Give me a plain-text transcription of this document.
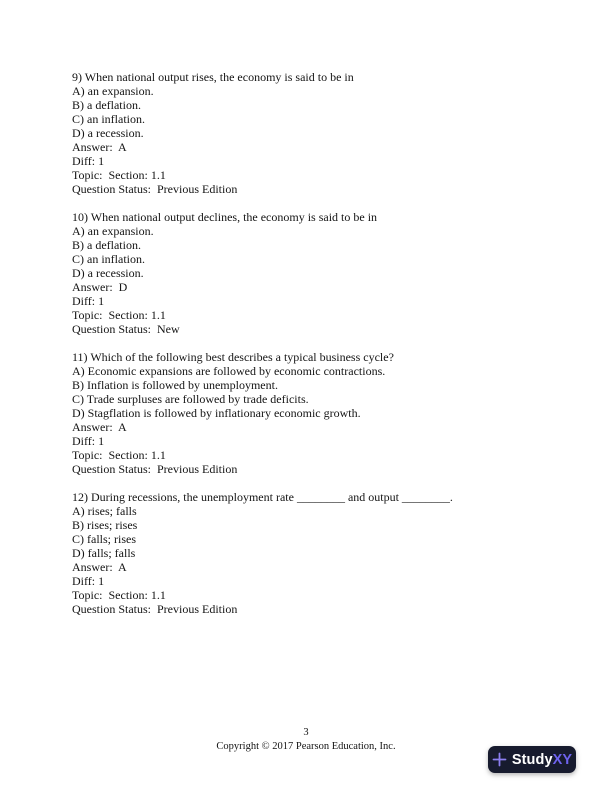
9) When national output rises, the economy is said to be in
A) an expansion.
B) a deflation.
C) an inflation.
D) a recession.
Answer:  A
Diff: 1
Topic:  Section: 1.1
Question Status:  Previous Edition
10) When national output declines, the economy is said to be in
A) an expansion.
B) a deflation.
C) an inflation.
D) a recession.
Answer:  D
Diff: 1
Topic:  Section: 1.1
Question Status:  New
11) Which of the following best describes a typical business cycle?
A) Economic expansions are followed by economic contractions.
B) Inflation is followed by unemployment.
C) Trade surpluses are followed by trade deficits.
D) Stagflation is followed by inflationary economic growth.
Answer:  A
Diff: 1
Topic:  Section: 1.1
Question Status:  Previous Edition
12) During recessions, the unemployment rate ________ and output ________.
A) rises; falls
B) rises; rises
C) falls; rises
D) falls; falls
Answer:  A
Diff: 1
Topic:  Section: 1.1
Question Status:  Previous Edition
3
Copyright © 2017 Pearson Education, Inc.
StudyXY
